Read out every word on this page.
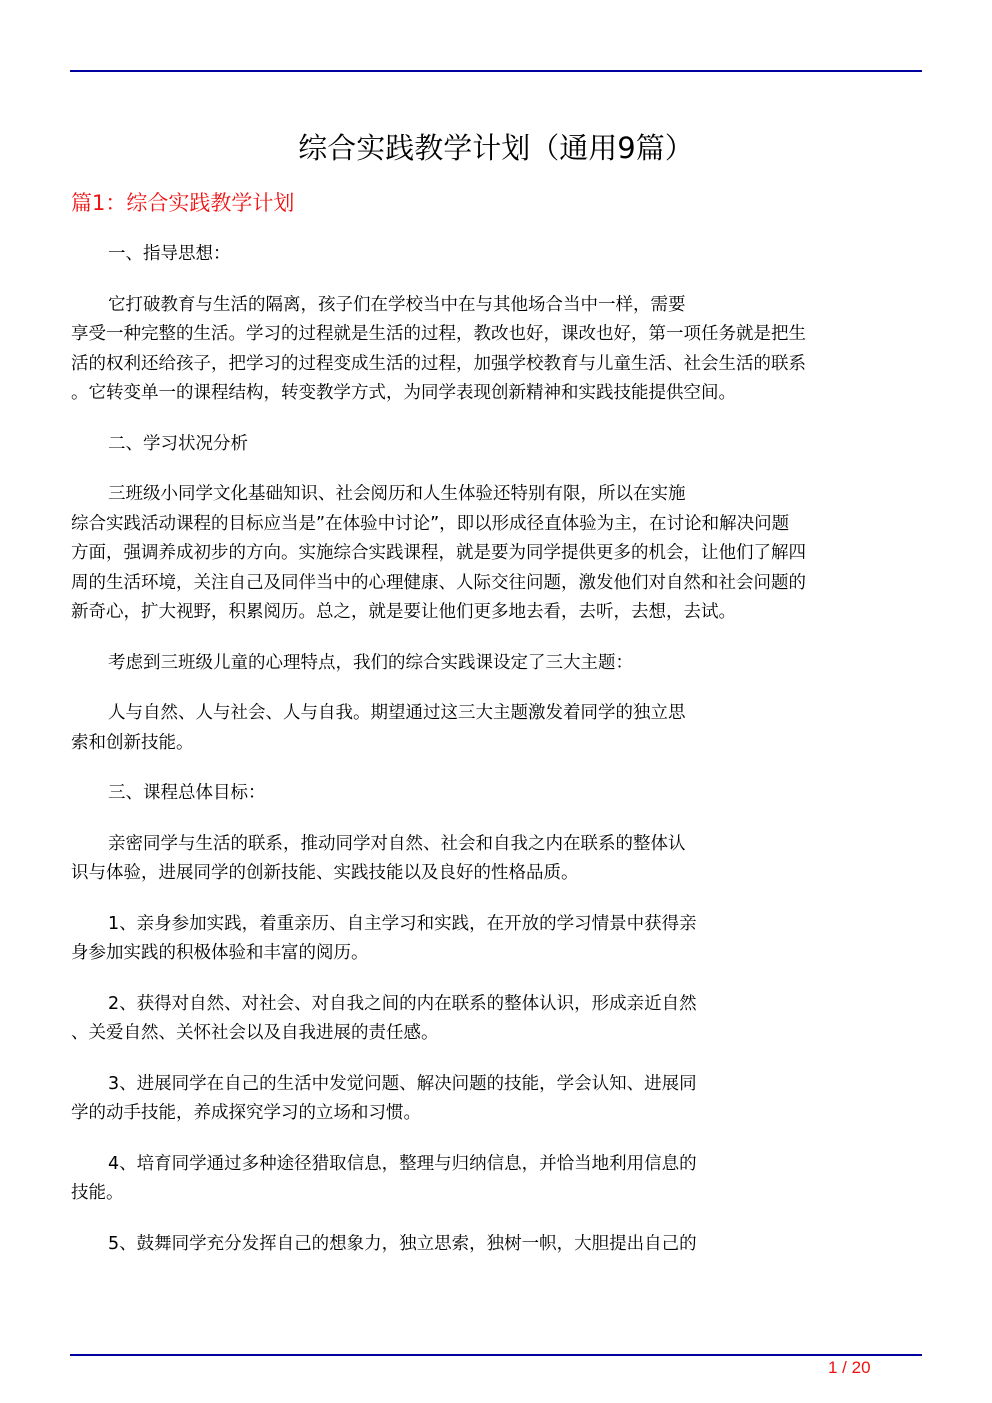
综合实践教学计划（通用9篇）
篇1：综合实践教学计划
一、指导思想：
它打破教育与生活的隔离，孩子们在学校当中在与其他场合当中一样，需要
享受一种完整的生活。学习的过程就是生活的过程，教改也好，课改也好，第一项任务就是把生
活的权利还给孩子，把学习的过程变成生活的过程，加强学校教育与儿童生活、社会生活的联系
。它转变单一的课程结构，转变教学方式，为同学表现创新精神和实践技能提供空间。
二、学习状况分析
三班级小同学文化基础知识、社会阅历和人生体验还特别有限，所以在实施
综合实践活动课程的目标应当是”在体验中讨论”，即以形成径直体验为主，在讨论和解决问题
方面，强调养成初步的方向。实施综合实践课程，就是要为同学提供更多的机会，让他们了解四
周的生活环境，关注自己及同伴当中的心理健康、人际交往问题，激发他们对自然和社会问题的
新奇心，扩大视野，积累阅历。总之，就是要让他们更多地去看，去听，去想，去试。
考虑到三班级儿童的心理特点，我们的综合实践课设定了三大主题：
人与自然、人与社会、人与自我。期望通过这三大主题激发着同学的独立思
索和创新技能。
三、课程总体目标：
亲密同学与生活的联系，推动同学对自然、社会和自我之内在联系的整体认
识与体验，进展同学的创新技能、实践技能以及良好的性格品质。
1、亲身参加实践，着重亲历、自主学习和实践，在开放的学习情景中获得亲
身参加实践的积极体验和丰富的阅历。
2、获得对自然、对社会、对自我之间的内在联系的整体认识，形成亲近自然
、关爱自然、关怀社会以及自我进展的责任感。
3、进展同学在自己的生活中发觉问题、解决问题的技能，学会认知、进展同
学的动手技能，养成探究学习的立场和习惯。
4、培育同学通过多种途径猎取信息，整理与归纳信息，并恰当地利用信息的
技能。
5、鼓舞同学充分发挥自己的想象力，独立思索，独树一帜，大胆提出自己的
1 / 20
